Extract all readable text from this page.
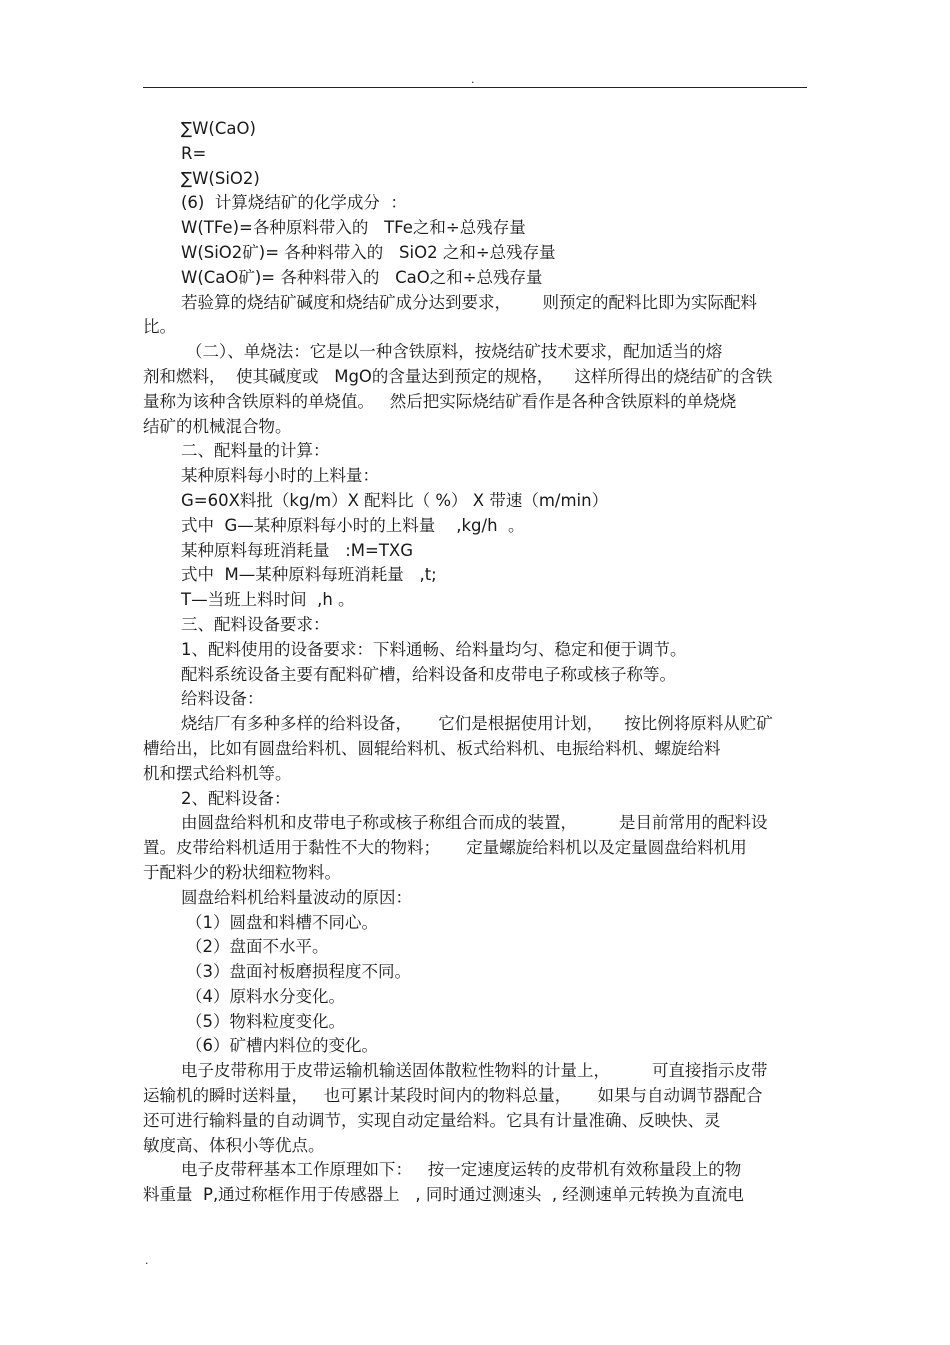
.
∑W(CaO)
R=
∑W(SiO2)
(6)  计算烧结矿的化学成分  ：
W(TFe)=各种原料带入的   TFe之和÷总残存量
W(SiO2矿)= 各种料带入的   SiO2 之和÷总残存量
W(CaO矿)= 各种料带入的   CaO之和÷总残存量
若验算的烧结矿碱度和烧结矿成分达到要求，      则预定的配料比即为实际配料
比。
（二）、单烧法：它是以一种含铁原料，按烧结矿技术要求，配加适当的熔
剂和燃料，  使其碱度或   MgO的含量达到预定的规格，    这样所得出的烧结矿的含铁
量称为该种含铁原料的单烧值。   然后把实际烧结矿看作是各种含铁原料的单烧烧
结矿的机械混合物。
二、配料量的计算：
某种原料每小时的上料量：
G=60X料批（kg/m）X 配料比（ %） X 带速（m/min）
式中  G—某种原料每小时的上料量    ,kg/h  。
某种原料每班消耗量   :M=TXG
式中  M—某种原料每班消耗量   ,t;
T—当班上料时间  ,h 。
三、配料设备要求：
1、配料使用的设备要求：下料通畅、给料量均匀、稳定和便于调节。
配料系统设备主要有配料矿槽，给料设备和皮带电子称或核子称等。
给料设备：
烧结厂有多种多样的给料设备，     它们是根据使用计划，    按比例将原料从贮矿
槽给出，比如有圆盘给料机、圆辊给料机、板式给料机、电振给料机、螺旋给料
机和摆式给料机等。
2、配料设备：
由圆盘给料机和皮带电子称或核子称组合而成的装置，        是目前常用的配料设
置。皮带给料机适用于黏性不大的物料；     定量螺旋给料机以及定量圆盘给料机用
于配料少的粉状细粒物料。
圆盘给料机给料量波动的原因：
（1）圆盘和料槽不同心。
（2）盘面不水平。
（3）盘面衬板磨损程度不同。
（4）原料水分变化。
（5）物料粒度变化。
（6）矿槽内料位的变化。
电子皮带称用于皮带运输机输送固体散粒性物料的计量上，        可直接指示皮带
运输机的瞬时送料量，   也可累计某段时间内的物料总量，     如果与自动调节器配合
还可进行输料量的自动调节，实现自动定量给料。它具有计量准确、反映快、灵
敏度高、体积小等优点。
电子皮带秤基本工作原理如下：   按一定速度运转的皮带机有效称量段上的物
料重量  P,通过称框作用于传感器上   , 同时通过测速头  , 经测速单元转换为直流电
.
